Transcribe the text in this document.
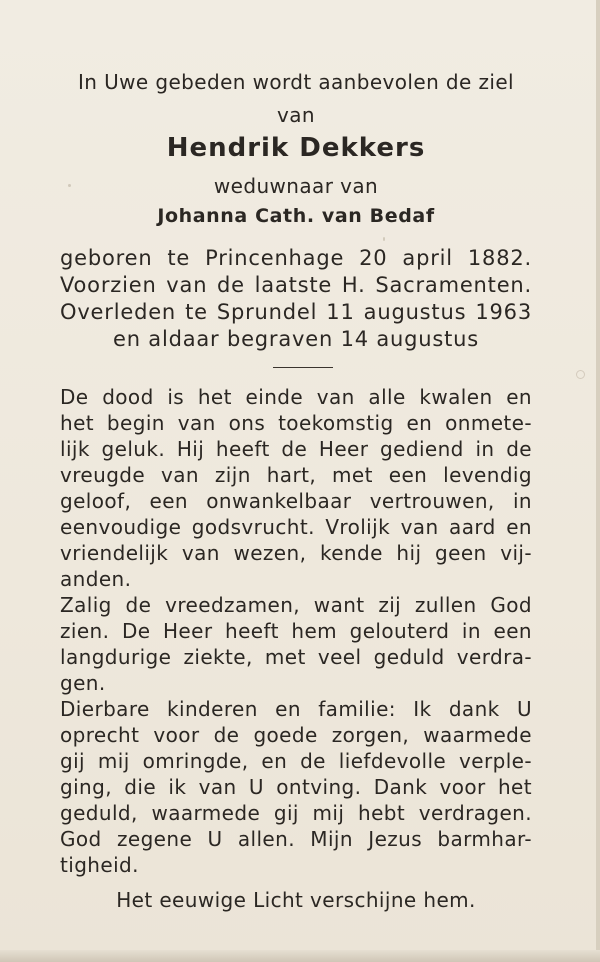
In Uwe gebeden wordt aanbevolen de ziel
van
Hendrik Dekkers
weduwnaar van
Johanna Cath. van Bedaf
geboren te Princenhage 20 april 1882.
Voorzien van de laatste H. Sacramenten.
Overleden te Sprundel 11 augustus 1963
en aldaar begraven 14 augustus
De dood is het einde van alle kwalen en
het begin van ons toekomstig en onmete-
lijk geluk. Hij heeft de Heer gediend in de
vreugde van zijn hart, met een levendig
geloof, een onwankelbaar vertrouwen, in
eenvoudige godsvrucht. Vrolijk van aard en
vriendelijk van wezen, kende hij geen vij-
anden.
Zalig de vreedzamen, want zij zullen God
zien. De Heer heeft hem gelouterd in een
langdurige ziekte, met veel geduld verdra-
gen.
Dierbare kinderen en familie: Ik dank U
oprecht voor de goede zorgen, waarmede
gij mij omringde, en de liefdevolle verple-
ging, die ik van U ontving. Dank voor het
geduld, waarmede gij mij hebt verdragen.
God zegene U allen. Mijn Jezus barmhar-
tigheid.
Het eeuwige Licht verschijne hem.
